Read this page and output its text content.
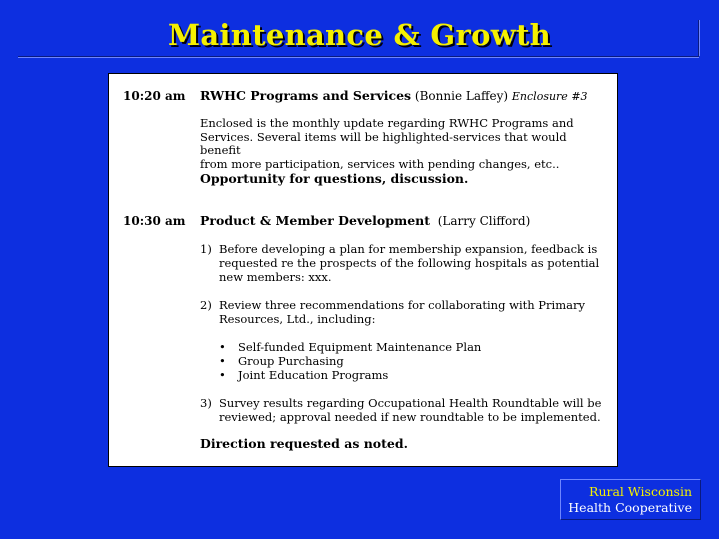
Maintenance & Growth
10:20 am RWHC Programs and Services (Bonnie Laffey) Enclosure #3
Enclosed is the monthly update regarding RWHC Programs and
Services. Several items will be highlighted-services that would benefit
from more participation, services with pending changes, etc..
Opportunity for questions, discussion.
10:30 am Product & Member Development (Larry Clifford)
1) Before developing a plan for membership expansion, feedback is
requested re the prospects of the following hospitals as potential
new members: xxx.
2) Review three recommendations for collaborating with Primary
Resources, Ltd., including:
• Self-funded Equipment Maintenance Plan
• Group Purchasing
• Joint Education Programs
3) Survey results regarding Occupational Health Roundtable will be
reviewed; approval needed if new roundtable to be implemented.
Direction requested as noted.
Rural Wisconsin
Health Cooperative
